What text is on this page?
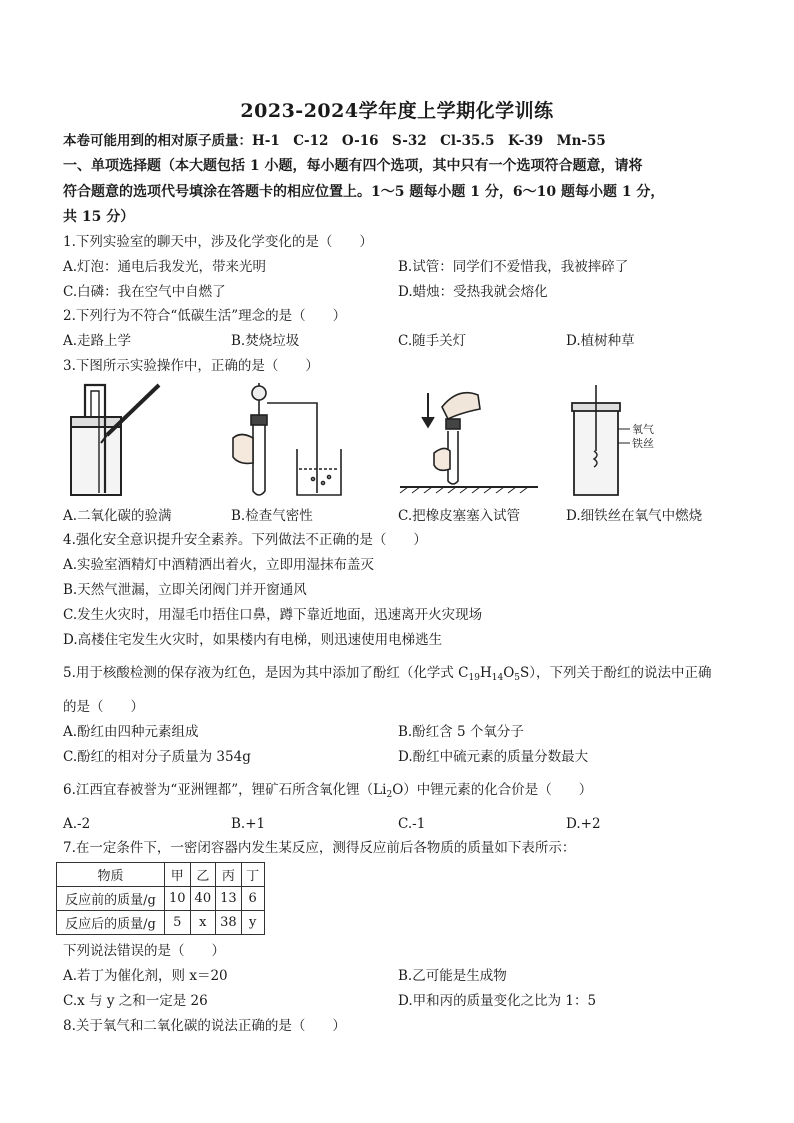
2023-2024学年度上学期化学训练
本卷可能用到的相对原子质量：H-1　C-12　O-16　S-32　Cl-35.5　K-39　Mn-55
一、单项选择题（本大题包括 1 小题，每小题有四个选项，其中只有一个选项符合题意，请将
符合题意的选项代号填涂在答题卡的相应位置上。1～5 题每小题 1 分，6～10 题每小题 1 分，
共 15 分）
1.下列实验室的聊天中，涉及化学变化的是（　　）
A.灯泡：通电后我发光，带来光明	B.试管：同学们不爱惜我，我被摔碎了
C.白磷：我在空气中自燃了	D.蜡烛：受热我就会熔化
2.下列行为不符合“低碳生活”理念的是（　　）
A.走路上学	B.焚烧垃圾	C.随手关灯	D.植树种草
3.下图所示实验操作中，正确的是（　　）
氧气
铁丝
A.二氧化碳的验满	B.检查气密性	C.把橡皮塞塞入试管	D.细铁丝在氧气中燃烧
4.强化安全意识提升安全素养。下列做法不正确的是（　　）
A.实验室酒精灯中酒精洒出着火，立即用湿抹布盖灭
B.天然气泄漏，立即关闭阀门并开窗通风
C.发生火灾时，用湿毛巾捂住口鼻，蹲下靠近地面，迅速离开火灾现场
D.高楼住宅发生火灾时，如果楼内有电梯，则迅速使用电梯逃生
5.用于核酸检测的保存液为红色，是因为其中添加了酚红（化学式 $C_{19}H_{14}O_5S$），下列关于酚红的说法中正确
的是（　　）
A.酚红由四种元素组成	B.酚红含 5 个氧分子
C.酚红的相对分子质量为 354g	D.酚红中硫元素的质量分数最大
6.江西宜春被誉为“亚洲锂都”，锂矿石所含氧化锂$(Li_2O)$中锂元素的化合价是（　　）
A.-2	B.+1	C.-1	D.+2
7.在一定条件下，一密闭容器内发生某反应，测得反应前后各物质的质量如下表所示：
物质	甲	乙	丙	丁
反应前的质量/g	10	40	13	6
反应后的质量/g	5	x	38	y
下列说法错误的是（　　）
A.若丁为催化剂，则 x＝20	B.乙可能是生成物
C.x 与 y 之和一定是 26	D.甲和丙的质量变化之比为 1：5
8.关于氧气和二氧化碳的说法正确的是（　　）
